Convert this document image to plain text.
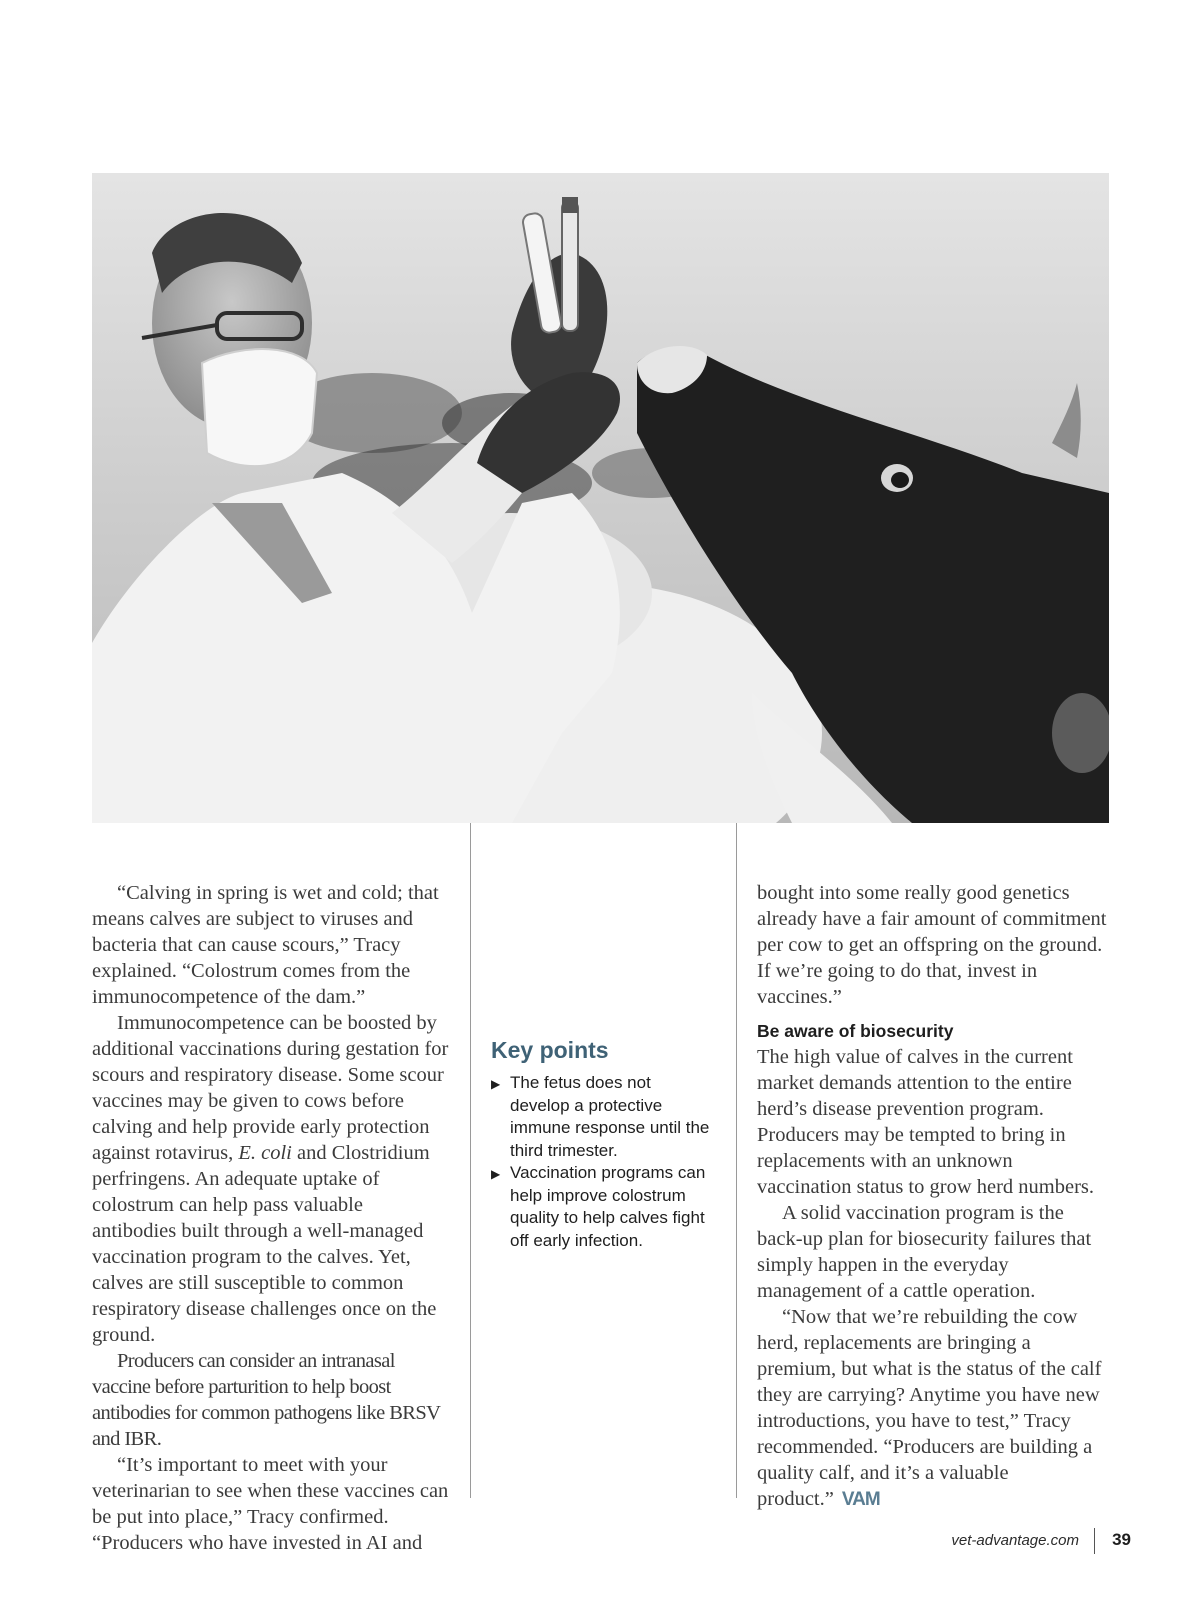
“Calving in spring is wet and cold; that means calves are subject to viruses and bacteria that can cause scours,” Tracy explained. “Colostrum comes from the immunocompetence of the dam.”

Immunocompetence can be boosted by additional vaccinations during gestation for scours and respiratory disease. Some scour vaccines may be given to cows before calving and help provide early protection against rotavirus, E. coli and Clostridium perfringens. An adequate uptake of colostrum can help pass valuable antibodies built through a well-managed vaccination program to the calves. Yet, calves are still susceptible to common respiratory disease challenges once on the ground.

Producers can consider an intranasal vaccine before parturition to help boost antibodies for common pathogens like BRSV and IBR.

“It’s important to meet with your veterinarian to see when these vaccines can be put into place,” Tracy confirmed. “Producers who have invested in AI and

Key points
▶ The fetus does not develop a protective immune response until the third trimester.
▶ Vaccination programs can help improve colostrum quality to help calves fight off early infection.

bought into some really good genetics already have a fair amount of commitment per cow to get an offspring on the ground. If we’re going to do that, invest in vaccines.”

Be aware of biosecurity

The high value of calves in the current market demands attention to the entire herd’s disease prevention program. Producers may be tempted to bring in replacements with an unknown vaccination status to grow herd numbers.

A solid vaccination program is the back-up plan for biosecurity failures that simply happen in the everyday management of a cattle operation.

“Now that we’re rebuilding the cow herd, replacements are bringing a premium, but what is the status of the calf they are carrying? Anytime you have new introductions, you have to test,” Tracy recommended. “Producers are building a quality calf, and it’s a valuable product.” VAM

vet-advantage.com 39
